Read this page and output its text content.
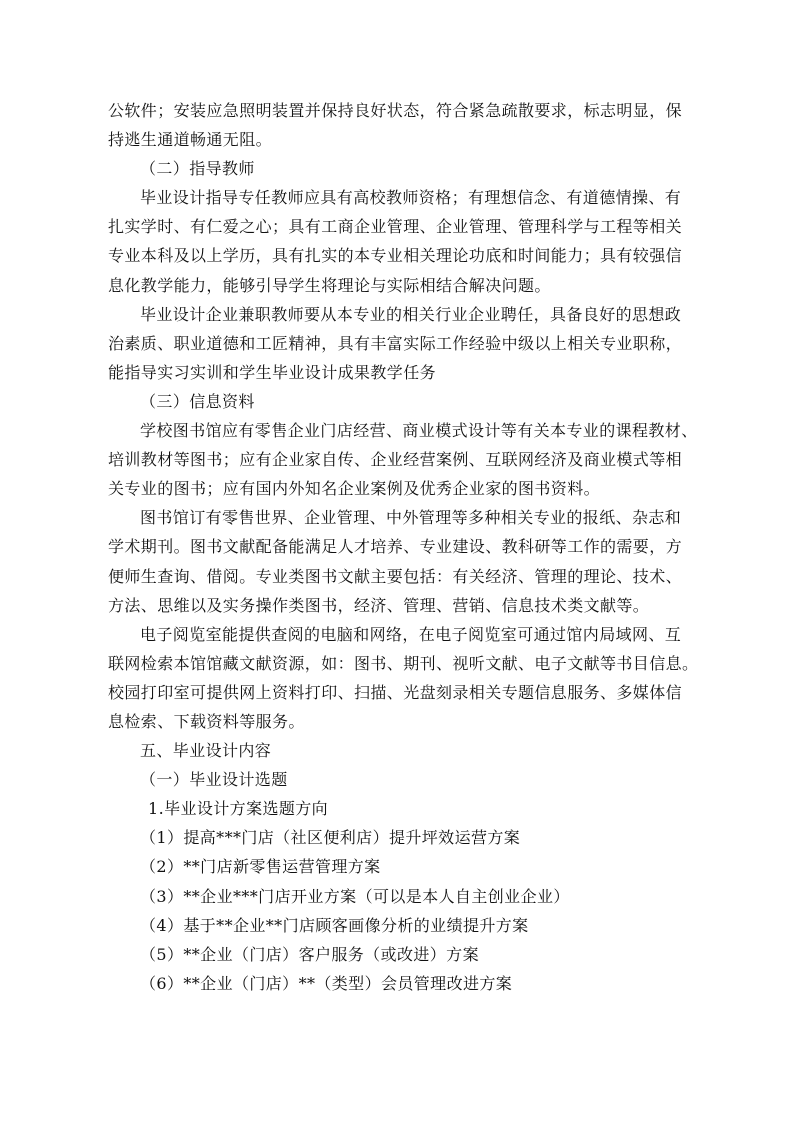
公软件；安装应急照明装置并保持良好状态，符合紧急疏散要求，标志明显，保

持逃生通道畅通无阻。

（二）指导教师

毕业设计指导专任教师应具有高校教师资格；有理想信念、有道德情操、有

扎实学时、有仁爱之心；具有工商企业管理、企业管理、管理科学与工程等相关

专业本科及以上学历，具有扎实的本专业相关理论功底和时间能力；具有较强信

息化教学能力，能够引导学生将理论与实际相结合解决问题。

毕业设计企业兼职教师要从本专业的相关行业企业聘任，具备良好的思想政

治素质、职业道德和工匠精神，具有丰富实际工作经验中级以上相关专业职称，

能指导实习实训和学生毕业设计成果教学任务

（三）信息资料

学校图书馆应有零售企业门店经营、商业模式设计等有关本专业的课程教材、

培训教材等图书；应有企业家自传、企业经营案例、互联网经济及商业模式等相

关专业的图书；应有国内外知名企业案例及优秀企业家的图书资料。

图书馆订有零售世界、企业管理、中外管理等多种相关专业的报纸、杂志和

学术期刊。图书文献配备能满足人才培养、专业建设、教科研等工作的需要，方

便师生查询、借阅。专业类图书文献主要包括：有关经济、管理的理论、技术、

方法、思维以及实务操作类图书，经济、管理、营销、信息技术类文献等。

电子阅览室能提供查阅的电脑和网络，在电子阅览室可通过馆内局域网、互

联网检索本馆馆藏文献资源，如：图书、期刊、视听文献、电子文献等书目信息。

校园打印室可提供网上资料打印、扫描、光盘刻录相关专题信息服务、多媒体信

息检索、下载资料等服务。

五、毕业设计内容

（一）毕业设计选题

1.毕业设计方案选题方向

（1）提高***门店（社区便利店）提升坪效运营方案

（2）**门店新零售运营管理方案

（3）**企业***门店开业方案（可以是本人自主创业企业）

（4）基于**企业**门店顾客画像分析的业绩提升方案

（5）**企业（门店）客户服务（或改进）方案

（6）**企业（门店）**（类型）会员管理改进方案
